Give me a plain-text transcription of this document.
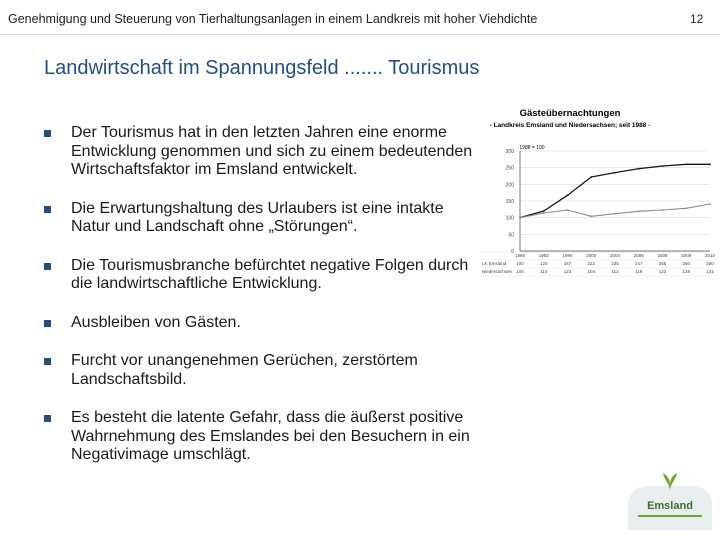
Genehmigung und Steuerung von Tierhaltungsanlagen in einem Landkreis mit hoher Viehdichte	12
Landwirtschaft im Spannungsfeld ....... Tourismus
Der Tourismus hat in den letzten Jahren eine enorme Entwicklung genommen und sich zu einem bedeutenden Wirtschaftsfaktor im Emsland entwickelt.
Die Erwartungshaltung des Urlaubers ist eine intakte Natur und Landschaft ohne „Störungen“.
Die Tourismusbranche befürchtet negative Folgen durch die landwirtschaftliche Entwicklung.
Ausbleiben von Gästen.
Furcht vor unangenehmen Gerüchen, zerstörtem Landschaftsbild.
Es besteht die latente Gefahr, dass die äußerst positive Wahrnehmung des Emslandes bei den Besuchern in ein Negativimage umschlägt.
Gästeübernachtungen
- Landkreis Emsland und Niedersachsen; seit 1988 -
1988 = 100
0
50
100
150
200
250
300
1988	1992	1996	2000	2004	2006	2008	2009	2010
LK Emsland 100	120	167	222	235	247	255	260	260
Niedersachsen 100	114	123	104	112	119	123	128	141
Emsland
